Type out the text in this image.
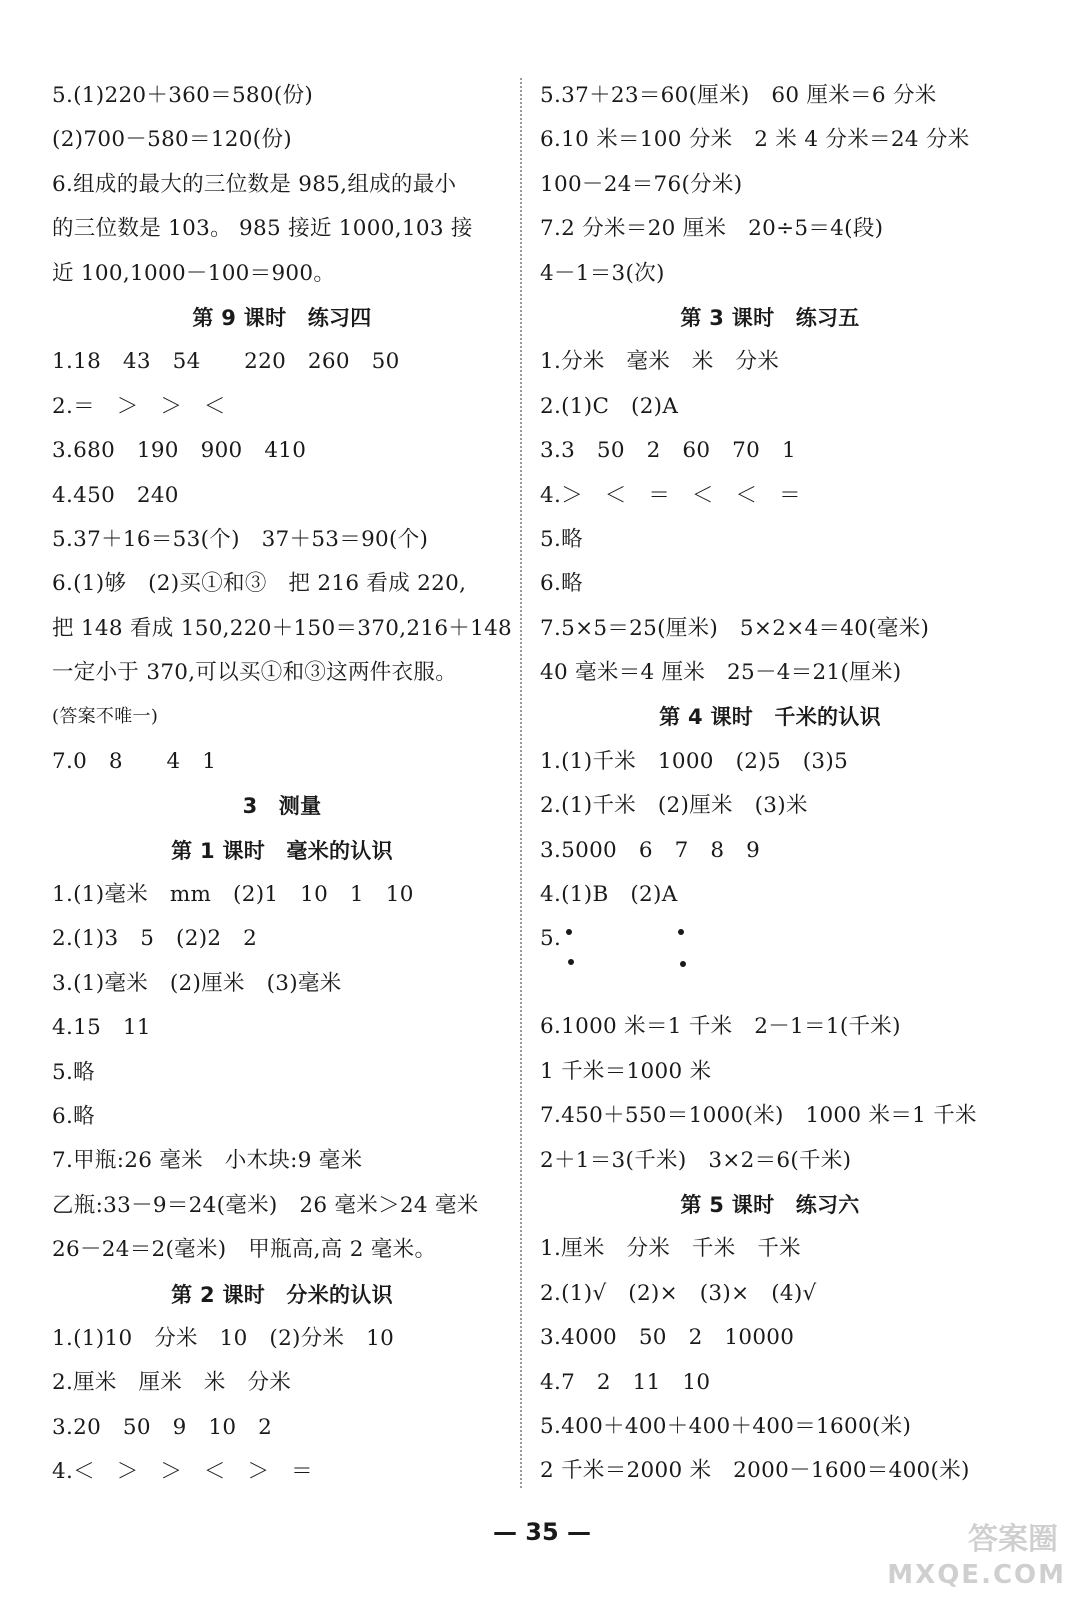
5.(1)220＋360＝580(份)
(2)700－580＝120(份)
6.组成的最大的三位数是 985,组成的最小
的三位数是 103。 985 接近 1000,103 接
近 100,1000－100＝900。
第 9 课时　练习四
1.18　43　54　　220　260　50
2.＝　＞　＞　＜
3.680　190　900　410
4.450　240
5.37＋16＝53(个)　37＋53＝90(个)
6.(1)够　(2)买①和③　把 216 看成 220,
把 148 看成 150,220＋150＝370,216＋148
一定小于 370,可以买①和③这两件衣服。
(答案不唯一)
7.0　8　　4　1
3　测量
第 1 课时　毫米的认识
1.(1)毫米　mm　(2)1　10　1　10
2.(1)3　5　(2)2　2
3.(1)毫米　(2)厘米　(3)毫米
4.15　11
5.略
6.略
7.甲瓶:26 毫米　小木块:9 毫米
乙瓶:33－9＝24(毫米)　26 毫米＞24 毫米
26－24＝2(毫米)　甲瓶高,高 2 毫米。
第 2 课时　分米的认识
1.(1)10　分米　10　(2)分米　10
2.厘米　厘米　米　分米
3.20　50　9　10　2
4.＜　＞　＞　＜　＞　＝
5.37＋23＝60(厘米)　60 厘米＝6 分米
6.10 米＝100 分米　2 米 4 分米＝24 分米
100－24＝76(分米)
7.2 分米＝20 厘米　20÷5＝4(段)
4－1＝3(次)
第 3 课时　练习五
1.分米　毫米　米　分米
2.(1)C　(2)A
3.3　50　2　60　70　1
4.＞　＜　＝　＜　＜　＝
5.略
6.略
7.5×5＝25(厘米)　5×2×4＝40(毫米)
40 毫米＝4 厘米　25－4＝21(厘米)
第 4 课时　千米的认识
1.(1)千米　1000　(2)5　(3)5
2.(1)千米　(2)厘米　(3)米
3.5000　6　7　8　9
4.(1)B　(2)A
5.
6.1000 米＝1 千米　2－1＝1(千米)
1 千米＝1000 米
7.450＋550＝1000(米)　1000 米＝1 千米
2＋1＝3(千米)　3×2＝6(千米)
第 5 课时　练习六
1.厘米　分米　千米　千米
2.(1)√　(2)×　(3)×　(4)√
3.4000　50　2　10000
4.7　2　11　10
5.400＋400＋400＋400＝1600(米)
2 千米＝2000 米　2000－1600＝400(米)
— 35 —	答案圈
MXQE.COM
